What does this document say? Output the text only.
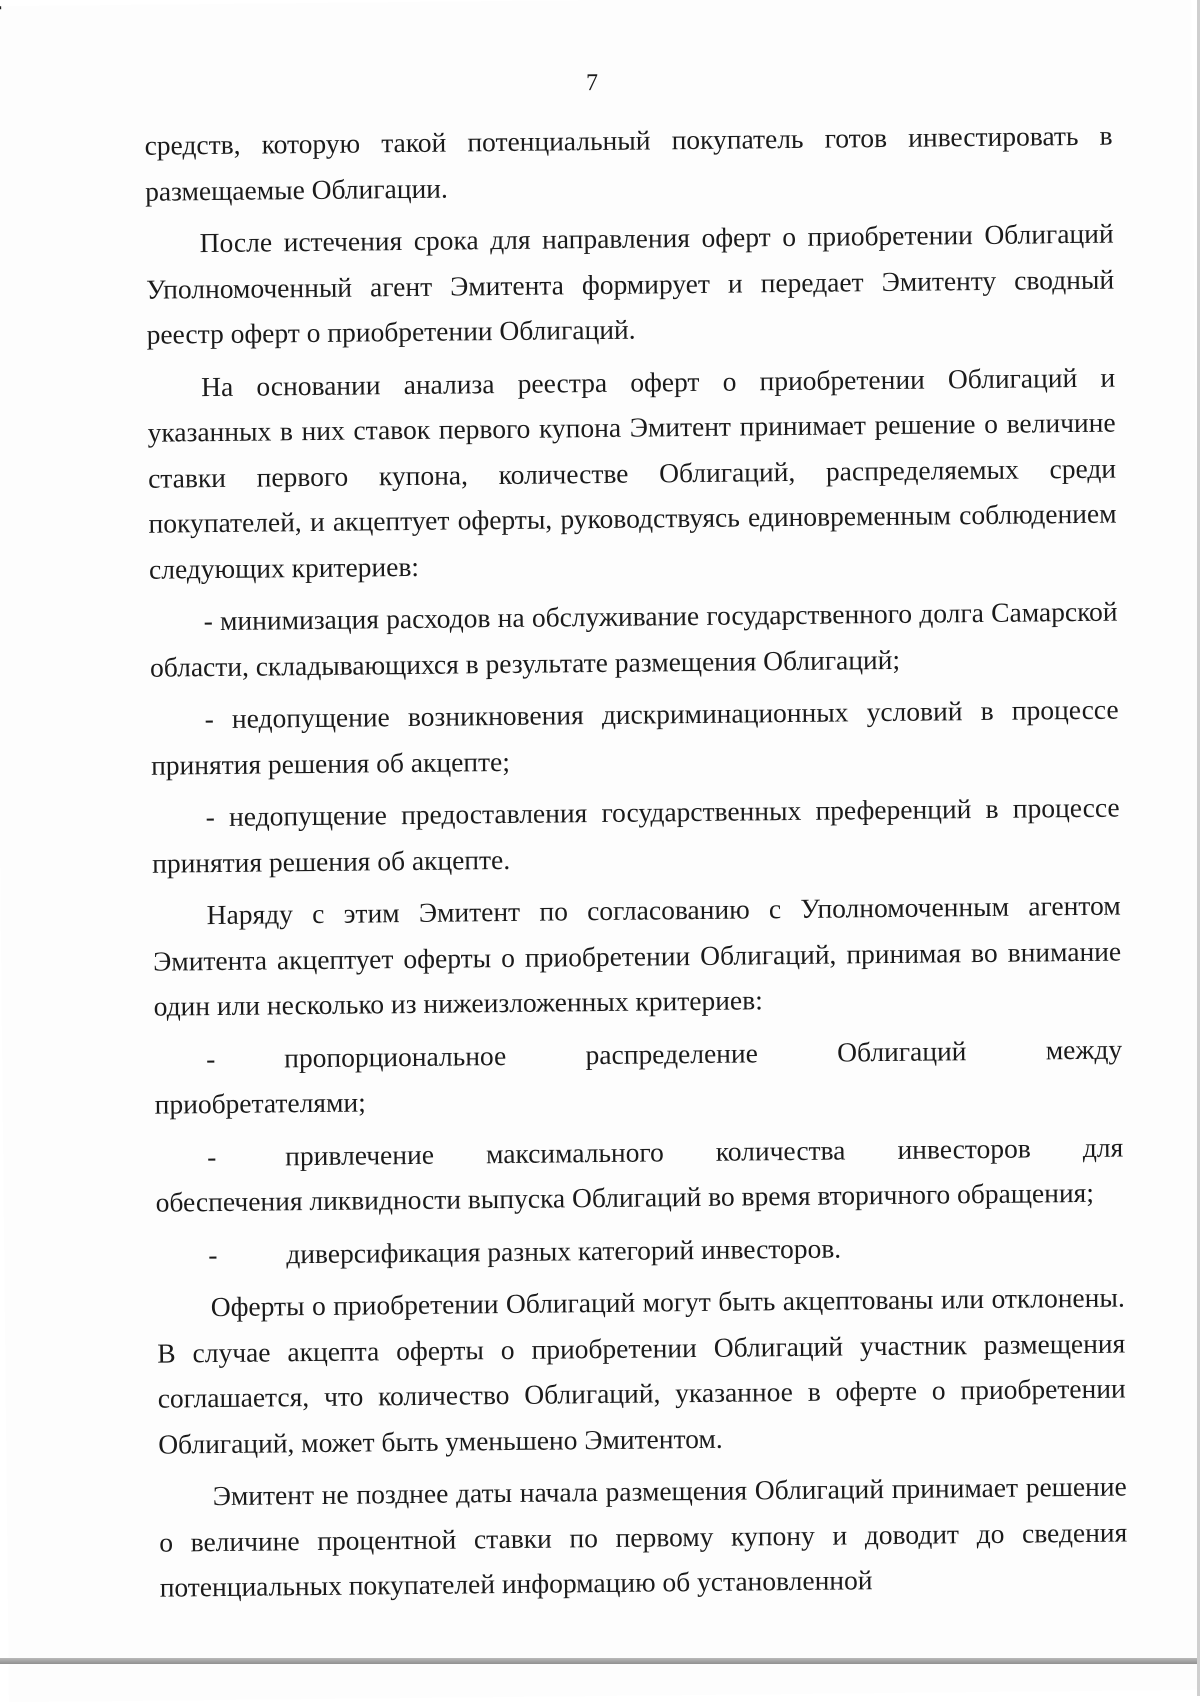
7

средств, которую такой потенциальный покупатель готов инвестировать в размещаемые Облигации.

После истечения срока для направления оферт о приобретении Облигаций Уполномоченный агент Эмитента формирует и передает Эмитенту сводный реестр оферт о приобретении Облигаций.

На основании анализа реестра оферт о приобретении Облигаций и указанных в них ставок первого купона Эмитент принимает решение о величине ставки первого купона, количестве Облигаций, распределяемых среди покупателей, и акцептует оферты, руководствуясь единовременным соблюдением следующих критериев:

- минимизация расходов на обслуживание государственного долга Самарской области, складывающихся в результате размещения Облигаций;

- недопущение возникновения дискриминационных условий в процессе принятия решения об акцепте;

- недопущение предоставления государственных преференций в процессе принятия решения об акцепте.

Наряду с этим Эмитент по согласованию с Уполномоченным агентом Эмитента акцептует оферты о приобретении Облигаций, принимая во внимание один или несколько из нижеизложенных критериев:

-	пропорциональное распределение Облигаций между
приобретателями;
-	привлечение максимального количества инвесторов для
обеспечения ликвидности выпуска Облигаций во время вторичного обращения;
-	диверсификация разных категорий инвесторов.

Оферты о приобретении Облигаций могут быть акцептованы или отклонены. В случае акцепта оферты о приобретении Облигаций участник размещения соглашается, что количество Облигаций, указанное в оферте о приобретении Облигаций, может быть уменьшено Эмитентом.

Эмитент не позднее даты начала размещения Облигаций принимает решение о величине процентной ставки по первому купону и доводит до сведения потенциальных покупателей информацию об установленной
